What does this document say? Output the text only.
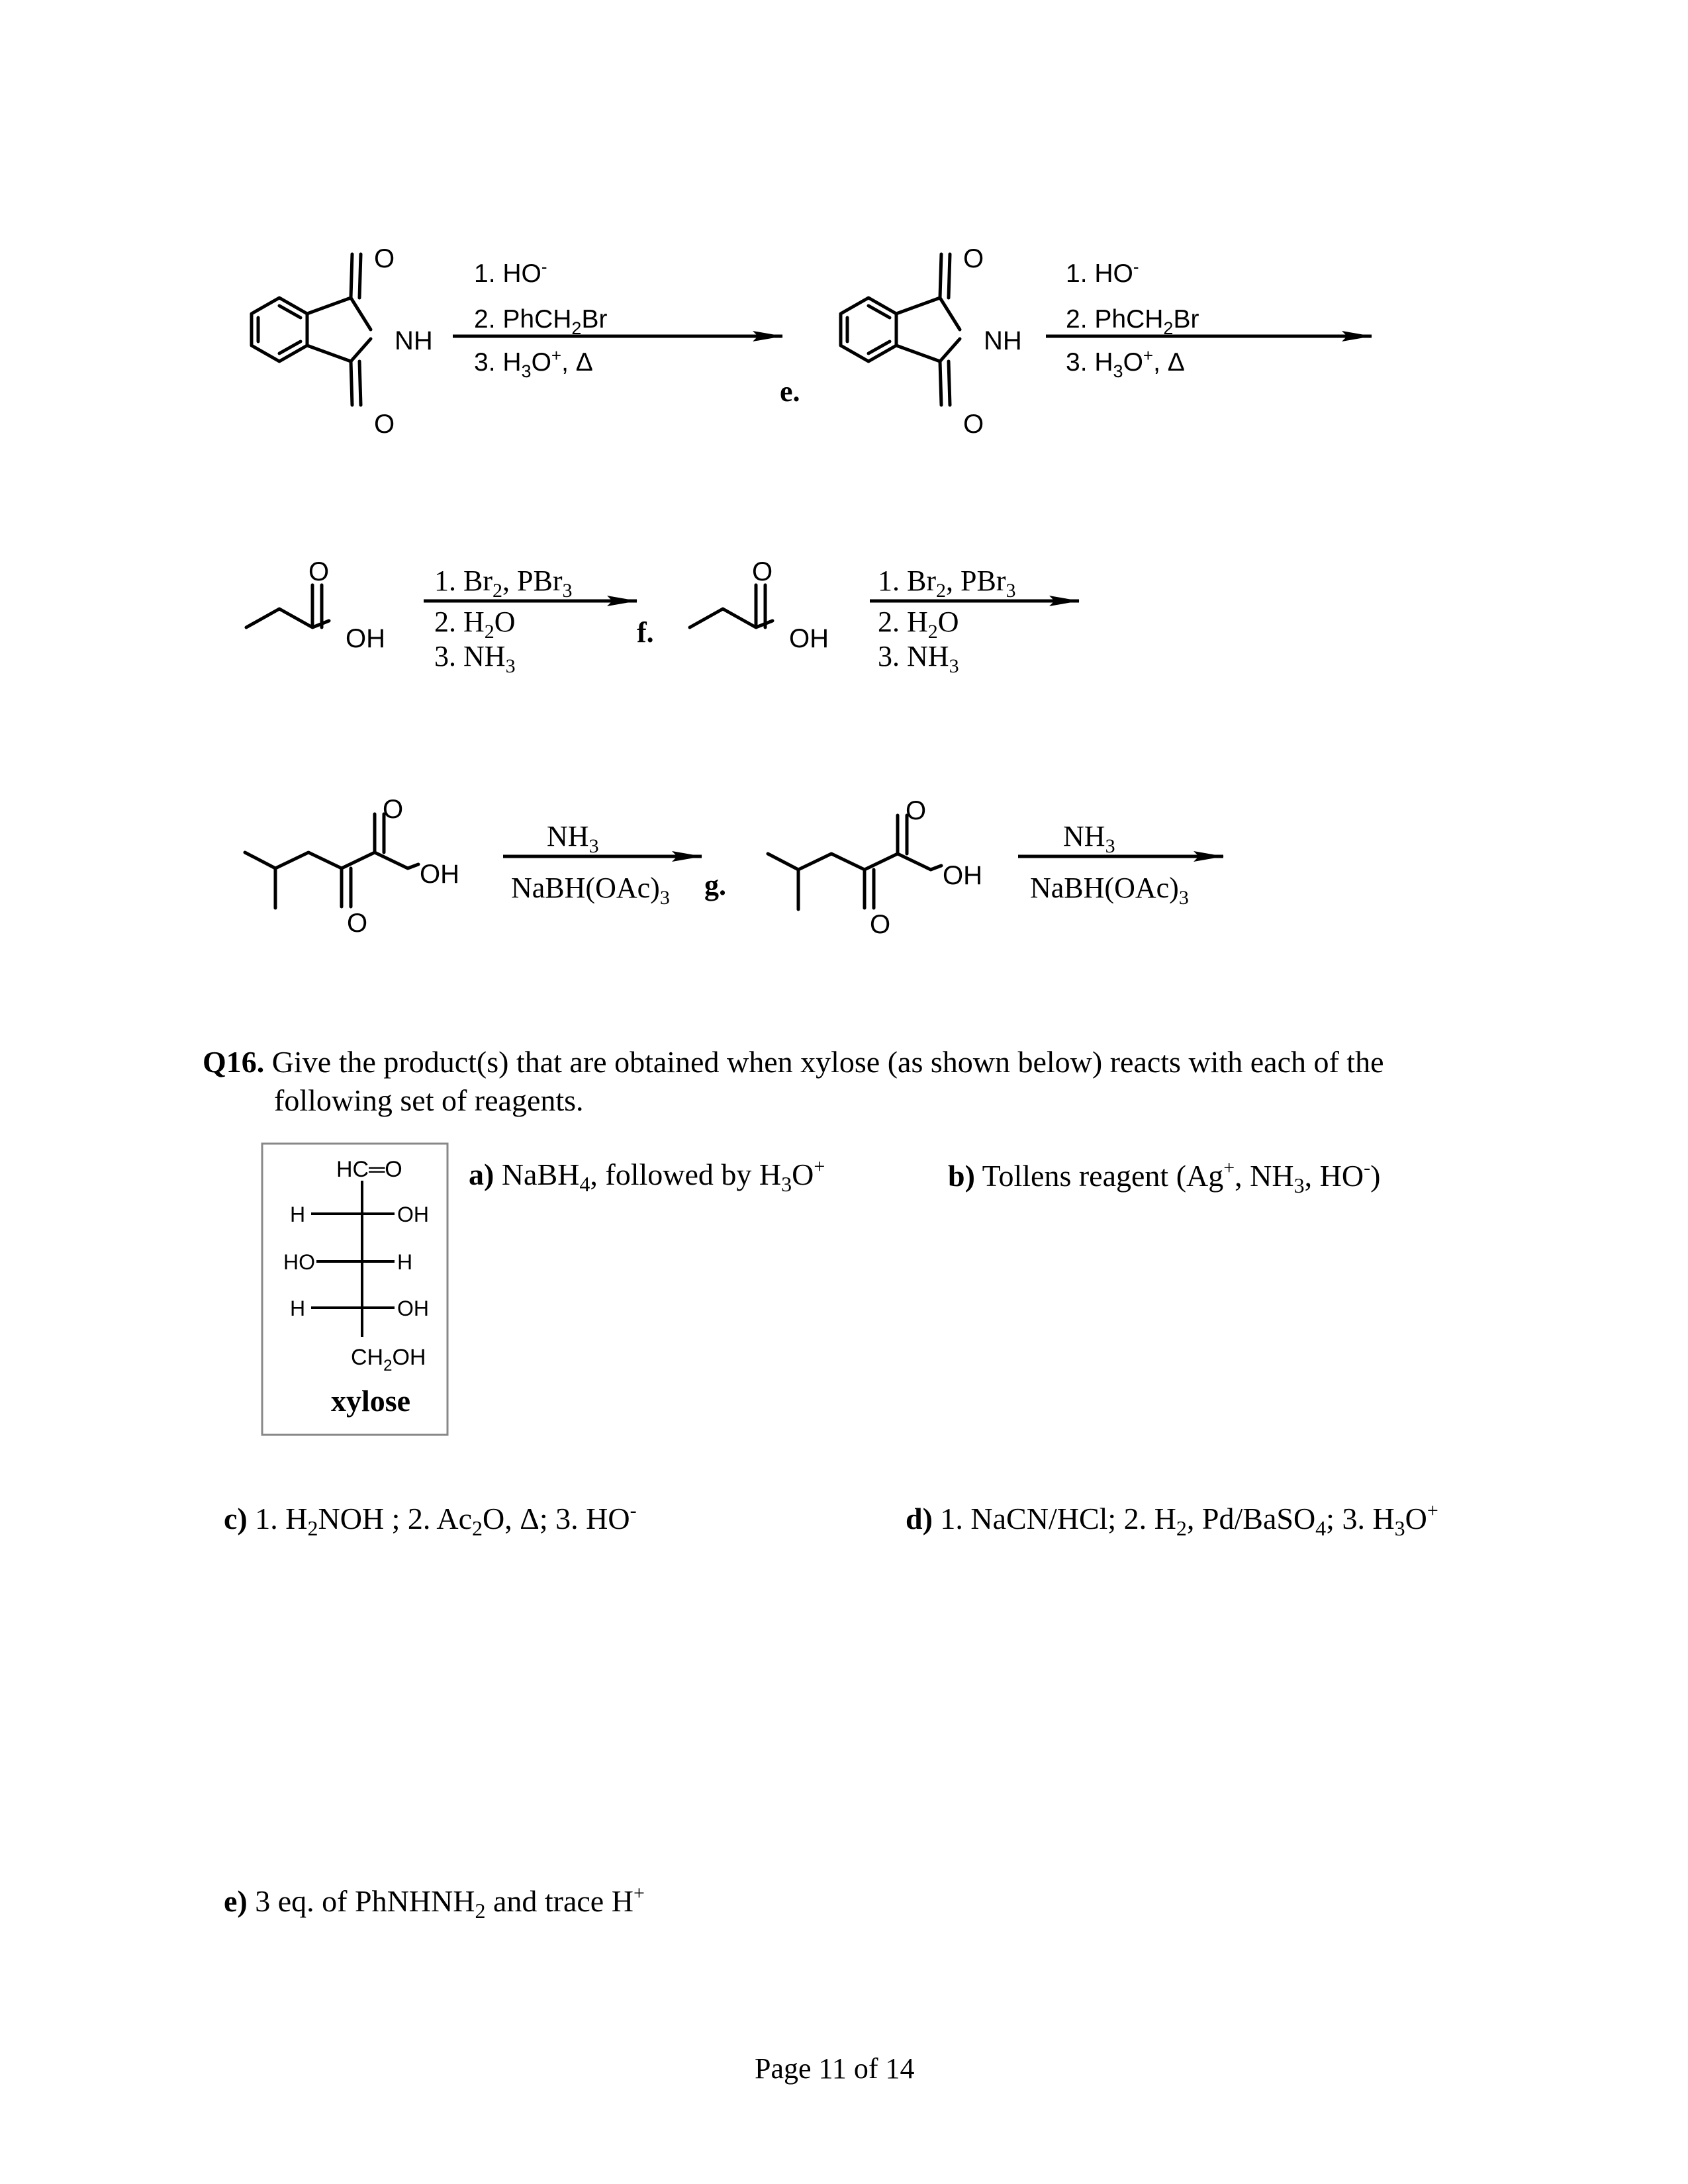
O
NH
O
1. HO-
2. PhCH$_2$Br
3. $H_3O^+$, Δ
e.
O
NH
O
1. HO-
2. PhCH$_2$Br
3. $H_3O^+$, Δ
O
OH
1. $Br_2$, PBr$_3$
2. $H_2O$
3. $NH_3$
f.
O
OH
1. $Br_2$, PBr$_3$
2. $H_2O$
3. $NH_3$
O
O
OH
$NH_3$
$NaBH(OAc)_3$ g.
O
O
OH
$NH_3$
$NaBH(OAc)_3$
Q16. Give the product(s) that are obtained when xylose (as shown below) reacts with each of the
following set of reagents.
HC═O
H	OH
HO	H
H	OH
$CH_2OH$
xylose
a) NaBH$_4$, followed by $H_3O^+$	b) Tollens reagent (Ag+, $NH_3$, HO-)
c) 1. $H_2NOH$ ; 2. $Ac_2O$, Δ; 3. HO-	d) 1. NaCN/HCl; 2. $H_2$, Pd/BaSO$_4$; 3. $H_3O^+$
e) 3 eq. of PhNHNH$_2$ and trace H+
Page 11 of 14
